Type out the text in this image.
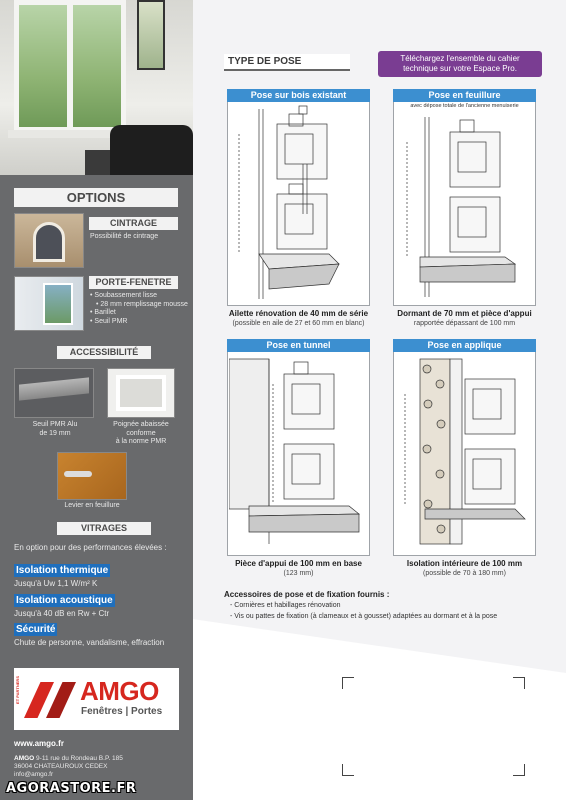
OPTIONS
CINTRAGE
Possibilité de cintrage
PORTE-FENETRE
• Soubassement lisse
• 28 mm remplissage mousse
• Barillet
• Seuil PMR
ACCESSIBILITÉ
Seuil PMR Alu
de 19 mm
Poignée abaissée
conforme
à la norme PMR
Levier en feuillure
VITRAGES
En option pour des performances élevées :
Isolation thermique
Jusqu'à Uw 1,1 W/m² K
Isolation acoustique
Jusqu'à 40 dB en Rw + Ctr
Sécurité
Chute de personne, vandalisme, effraction
ET PARTNERS AMGO
Fenêtres | Portes
www.amgo.fr
AMGO 9-11 rue du Rondeau B.P. 185
36004 CHATEAUROUX CEDEX
info@amgo.fr
AGORASTORE.FR
TYPE DE POSE	Téléchargez l'ensemble du cahier
technique sur votre Espace Pro.
Pose sur bois existant
Ailette rénovation de 40 mm de série
(possible en aile de 27 et 60 mm en blanc)
Pose en feuillure
avec dépose totale de l'ancienne menuiserie
Dormant de 70 mm et pièce d'appui
rapportée dépassant de 100 mm
Pose en tunnel
Pièce d'appui de 100 mm en base
(123 mm)
Pose en applique
Isolation intérieure de 100 mm
(possible de 70 à 180 mm)
Accessoires de pose et de fixation fournis :
- Cornières et habillages rénovation
- Vis ou pattes de fixation (à clameaux et à gousset) adaptées au dormant et à la pose
